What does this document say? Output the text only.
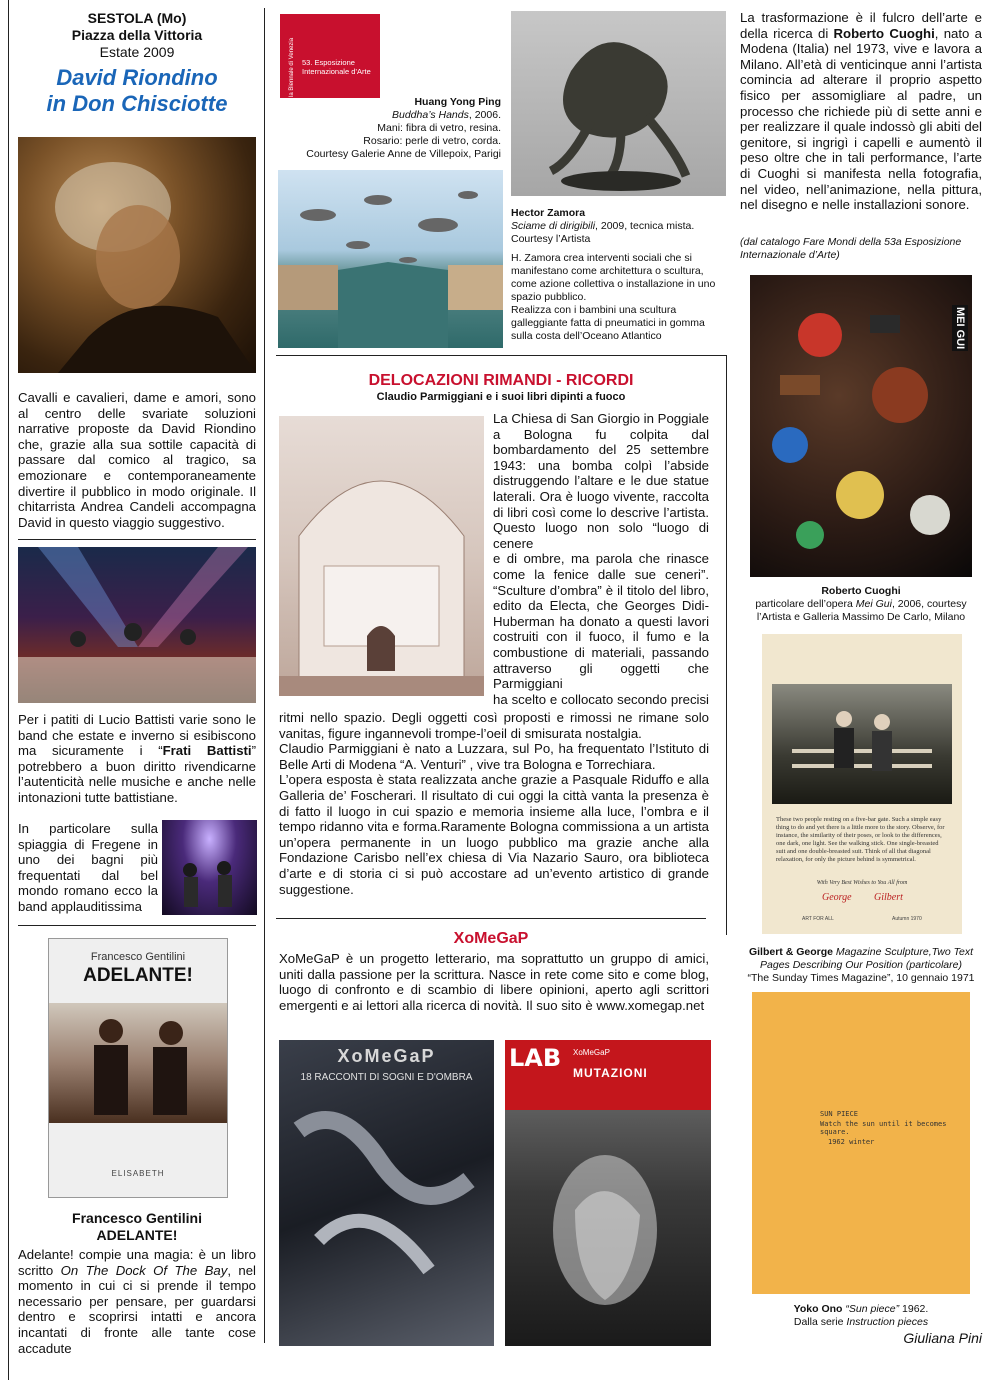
SESTOLA (Mo)
Piazza della Vittoria
Estate 2009
David Riondino
in Don Chisciotte
Cavalli e cavalieri, dame e amori, sono al centro delle svariate soluzioni narrative proposte da David Riondino che, grazie alla sua sottile capacità di passare dal comico al tragico, sa emozionare e contemporaneamente divertire il pubblico in modo originale. Il chitarrista Andrea Candeli accompagna David in questo viaggio suggestivo.
Per i patiti di Lucio Battisti varie sono le band che estate e inverno si esibiscono ma sicuramente i “Frati Battisti” potrebbero a buon diritto rivendicarne l’autenticità nelle musiche e anche nelle intonazioni tutte battistiane.
In particolare sulla spiaggia di Fregene in uno dei bagni più frequentati dal bel mondo romano ecco la band applauditissima
Francesco Gentilini
ADELANTE!
ELISABETH
Francesco Gentilini
ADELANTE!
Adelante! compie una magia: è un libro scritto On The Dock Of The Bay, nel momento in cui ci si prende il tempo necessario per pensare, per guardarsi dentro e scoprirsi intatti e ancora incantati di fronte alle tante cose accadute
la Biennale di Venezia 53. Esposizione Internazionale d’Arte
Huang Yong Ping
Buddha’s Hands, 2006.
Mani: fibra di vetro, resina.
Rosario: perle di vetro, corda.
Courtesy Galerie Anne de Villepoix, Parigi
Hector Zamora
Sciame di dirigibili, 2009, tecnica mista. Courtesy l’Artista
H. Zamora crea interventi sociali che si manifestano come architettura o scultura, come azione collettiva o installazione in uno spazio pubblico.
Realizza con i bambini una scultura galleggiante fatta di pneumatici in gomma sulla costa dell’Oceano Atlantico
DELOCAZIONI RIMANDI - RICORDI
Claudio Parmiggiani e i suoi libri dipinti a fuoco
La Chiesa di San Giorgio in Poggiale
a Bologna fu colpita dal
bombardamento del 25 settembre
1943: una bomba colpì l’abside
distruggendo l’altare e le due statue
laterali. Ora è luogo vivente, raccolta
di libri così come lo descrive l’artista.
Questo luogo non solo “luogo di cenere
e di ombre, ma parola che rinasce
come la fenice dalle sue ceneri”.
“Sculture d’ombra” è il titolo del libro,
edito da Electa, che Georges Didi-
Huberman ha donato a questi lavori
costruiti con il fuoco, il fumo e la
combustione di materiali, passando
attraverso gli oggetti che Parmiggiani
ha scelto e collocato secondo precisi
ritmi nello spazio. Degli oggetti così proposti e rimossi ne rimane solo vanitas, figure ingannevoli trompe-l’oeil di smisurata nostalgia.
Claudio Parmiggiani è nato a Luzzara, sul Po, ha frequentato l’Istituto di Belle Arti di Modena “A. Venturi” , vive tra Bologna e Torrechiara.
L’opera esposta è stata realizzata anche grazie a Pasquale Riduffo e alla Galleria de’ Foscherari. Il risultato di cui oggi la città vanta la presenza è di fatto il luogo in cui spazio e memoria insieme alla luce, l’ombra e il tempo ridanno vita e forma.Raramente Bologna commissiona a un artista un’opera permanente in un luogo pubblico ma grazie anche alla Fondazione Carisbo nell’ex chiesa di Via Nazario Sauro, ora biblioteca d’arte e di storia ci si può accostare ad un’evento artistico di grande suggestione.
XoMeGaP
XoMeGaP è un progetto letterario, ma soprattutto un gruppo di amici, uniti dalla passione per la scrittura. Nasce in rete come sito e come blog, luogo di confronto e di scambio di libere opinioni, aperto agli scrittori emergenti e ai lettori alla ricerca di novità. Il suo sito è www.xomegap.net
XoMeGaP
18 RACCONTI DI SOGNI E D'OMBRA
LAB XoMeGaP
MUTAZIONI
La trasformazione è il fulcro dell’arte e della ricerca di Roberto Cuoghi, nato a Modena (Italia) nel 1973, vive e lavora a Milano. All’età di venticinque anni l’artista comincia ad alterare il proprio aspetto fisico per assomigliare al padre, un processo che richiede più di sette anni e per realizzare il quale indossò gli abiti del genitore, si ingrigì i capelli e aumentò il peso oltre che in tali performance, l’arte di Cuoghi si manifesta nella fotografia, nel video, nell’animazione, nella pittura, nel disegno e nelle installazioni sonore.
(dal catalogo Fare Mondi della 53a Esposizione Internazionale d’Arte)
MEI GUI
Roberto Cuoghi
particolare dell’opera Mei Gui, 2006, courtesy l’Artista e Galleria Massimo De Carlo, Milano
These two people resting on a five-bar gate. Such a simple easy thing to do and yet there is a little more to the story. Observe, for instance, the similarity of their poses, or look to the differences, one dark, one light. See the walking stick. One single-breasted suit and one double-breasted suit. Think of all that diagonal relaxation, for only the picture behind is symmetrical.
With Very Best Wishes to You All from
George Gilbert
ART FOR ALL	Autumn 1970
Gilbert & George Magazine Sculpture,Two Text Pages Describing Our Position (particolare)
“The Sunday Times Magazine”, 10 gennaio 1971
SUN PIECE
Watch the sun until it becomes square.
1962 winter
Yoko Ono “Sun piece” 1962.
Dalla serie Instruction pieces
Giuliana Pini
